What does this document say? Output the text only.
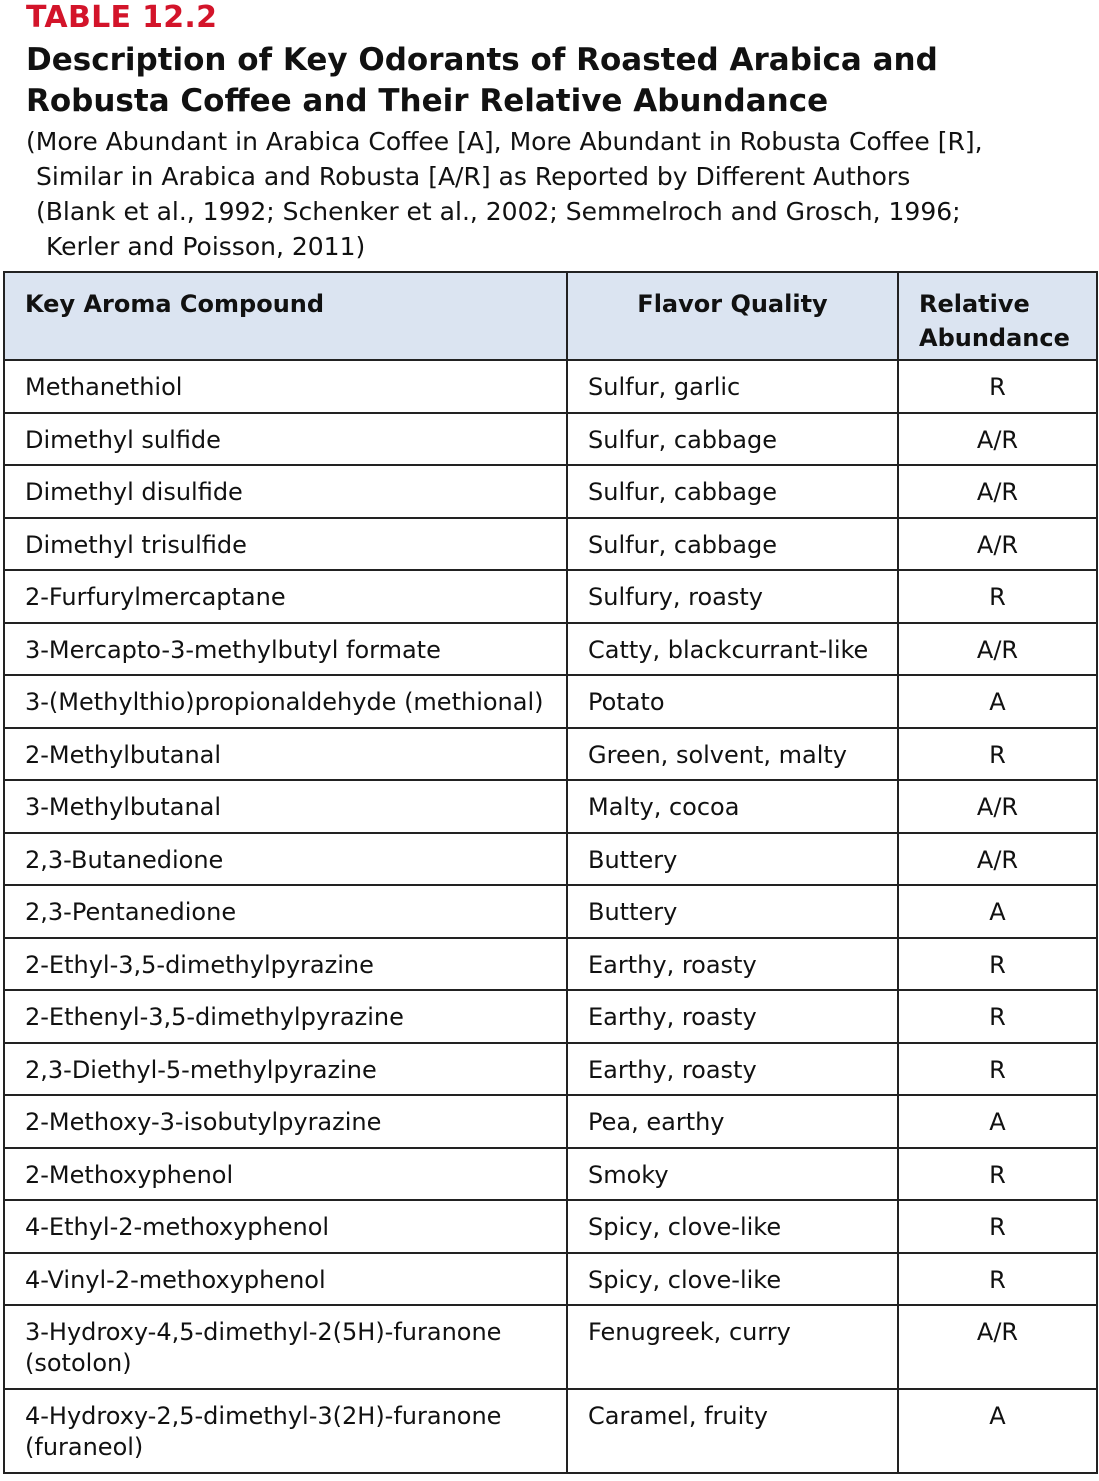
TABLE 12.2
Description of Key Odorants of Roasted Arabica and Robusta Coffee and Their Relative Abundance
(More Abundant in Arabica Coffee [A], More Abundant in Robusta Coffee [R],
Similar in Arabica and Robusta [A/R] as Reported by Different Authors
(Blank et al., 1992; Schenker et al., 2002; Semmelroch and Grosch, 1996;
Kerler and Poisson, 2011)
Key Aroma Compound	Flavor Quality	Relative Abundance
Methanethiol	Sulfur, garlic	R
Dimethyl sulfide	Sulfur, cabbage	A/R
Dimethyl disulfide	Sulfur, cabbage	A/R
Dimethyl trisulfide	Sulfur, cabbage	A/R
2-Furfurylmercaptane	Sulfury, roasty	R
3-Mercapto-3-methylbutyl formate	Catty, blackcurrant-like	A/R
3-(Methylthio)propionaldehyde (methional)	Potato	A
2-Methylbutanal	Green, solvent, malty	R
3-Methylbutanal	Malty, cocoa	A/R
2,3-Butanedione	Buttery	A/R
2,3-Pentanedione	Buttery	A
2-Ethyl-3,5-dimethylpyrazine	Earthy, roasty	R
2-Ethenyl-3,5-dimethylpyrazine	Earthy, roasty	R
2,3-Diethyl-5-methylpyrazine	Earthy, roasty	R
2-Methoxy-3-isobutylpyrazine	Pea, earthy	A
2-Methoxyphenol	Smoky	R
4-Ethyl-2-methoxyphenol	Spicy, clove-like	R
4-Vinyl-2-methoxyphenol	Spicy, clove-like	R
3-Hydroxy-4,5-dimethyl-2(5H)-furanone (sotolon)	Fenugreek, curry	A/R
4-Hydroxy-2,5-dimethyl-3(2H)-furanone (furaneol)	Caramel, fruity	A
